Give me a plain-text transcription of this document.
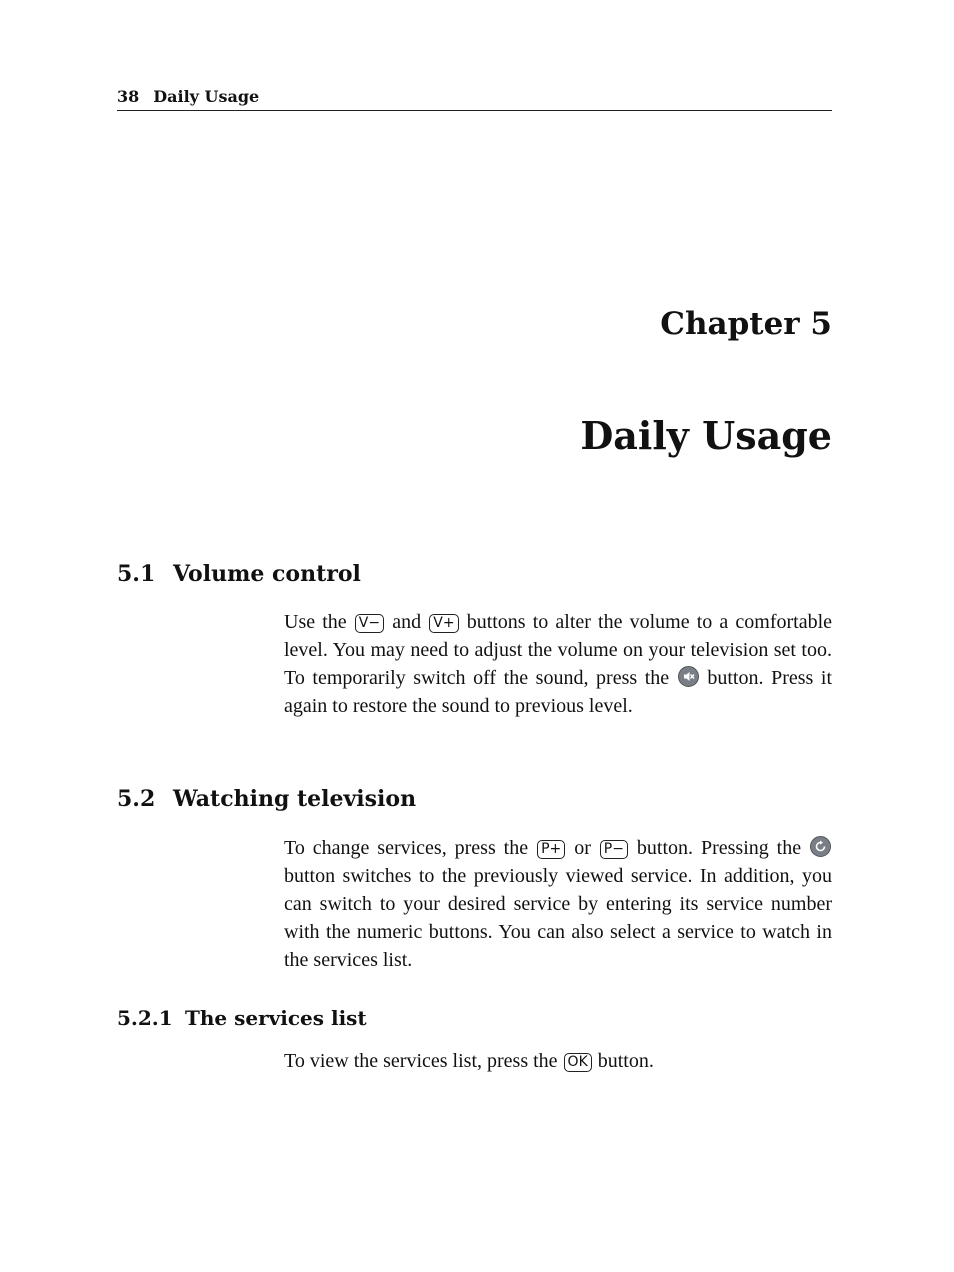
38 Daily Usage
Chapter 5
Daily Usage
5.1 Volume control
Use the V− and V+ buttons to alter the volume to a comfortable level. You may need to adjust the volume on your television set too. To temporarily switch off the sound, press the button. Press it again to restore the sound to previous level.
5.2 Watching television
To change services, press the P+ or P− button. Pressing the
button switches to the previously viewed service. In addition, you can switch to your desired service by entering its service number with the numeric buttons. You can also select a service to watch in the services list.
5.2.1 The services list
To view the services list, press the OK button.
